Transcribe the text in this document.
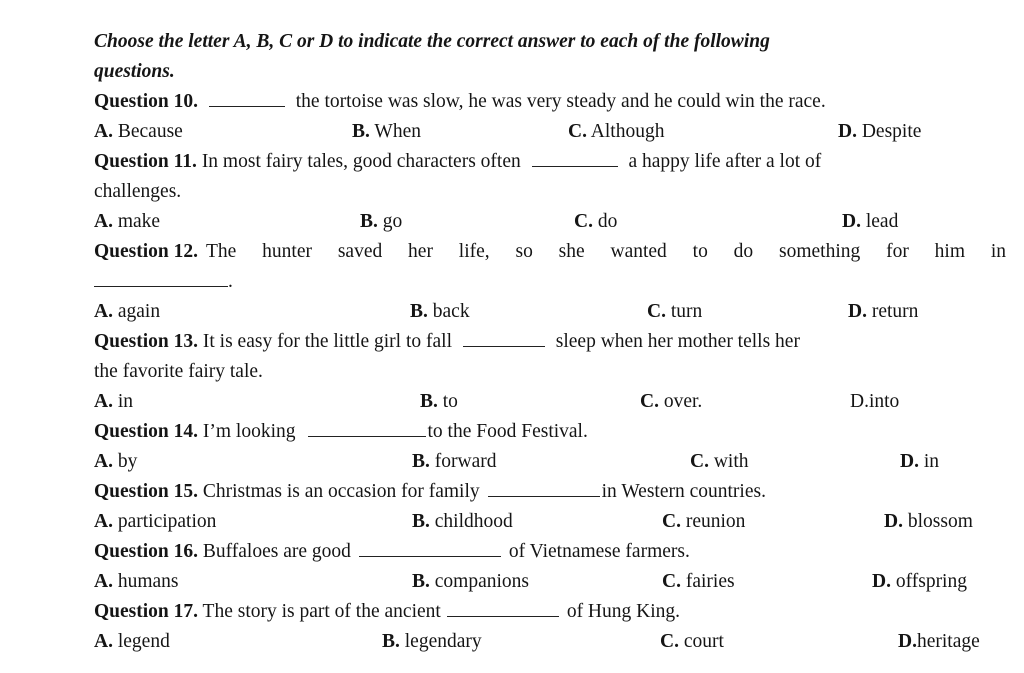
Choose the letter A, B, C or D to indicate the correct answer to each of the following
questions.
Question 10.	the tortoise was slow, he was very steady and he could win the race.
A. Because	B. When	C. Although	D. Despite
Question 11. In most fairy tales, good characters often	a happy life after a lot of
challenges.
A. make	B. go	C. do	D. lead
Question 12. The hunter saved her life, so she wanted to do something for him in
.
A. again	B. back	C. turn	D. return
Question 13. It is easy for the little girl to fall	sleep when her mother tells her
the favorite fairy tale.
A. in	B. to	C. over.	D.into
Question 14. I’m looking	to the Food Festival.
A. by	B. forward	C. with	D. in
Question 15. Christmas is an occasion for family	in Western countries.
A. participation	B. childhood	C. reunion	D. blossom
Question 16. Buffaloes are good	of Vietnamese farmers.
A. humans	B. companions	C. fairies	D. offspring
Question 17. The story is part of the ancient	of Hung King.
A. legend	B. legendary	C. court	D.heritage
